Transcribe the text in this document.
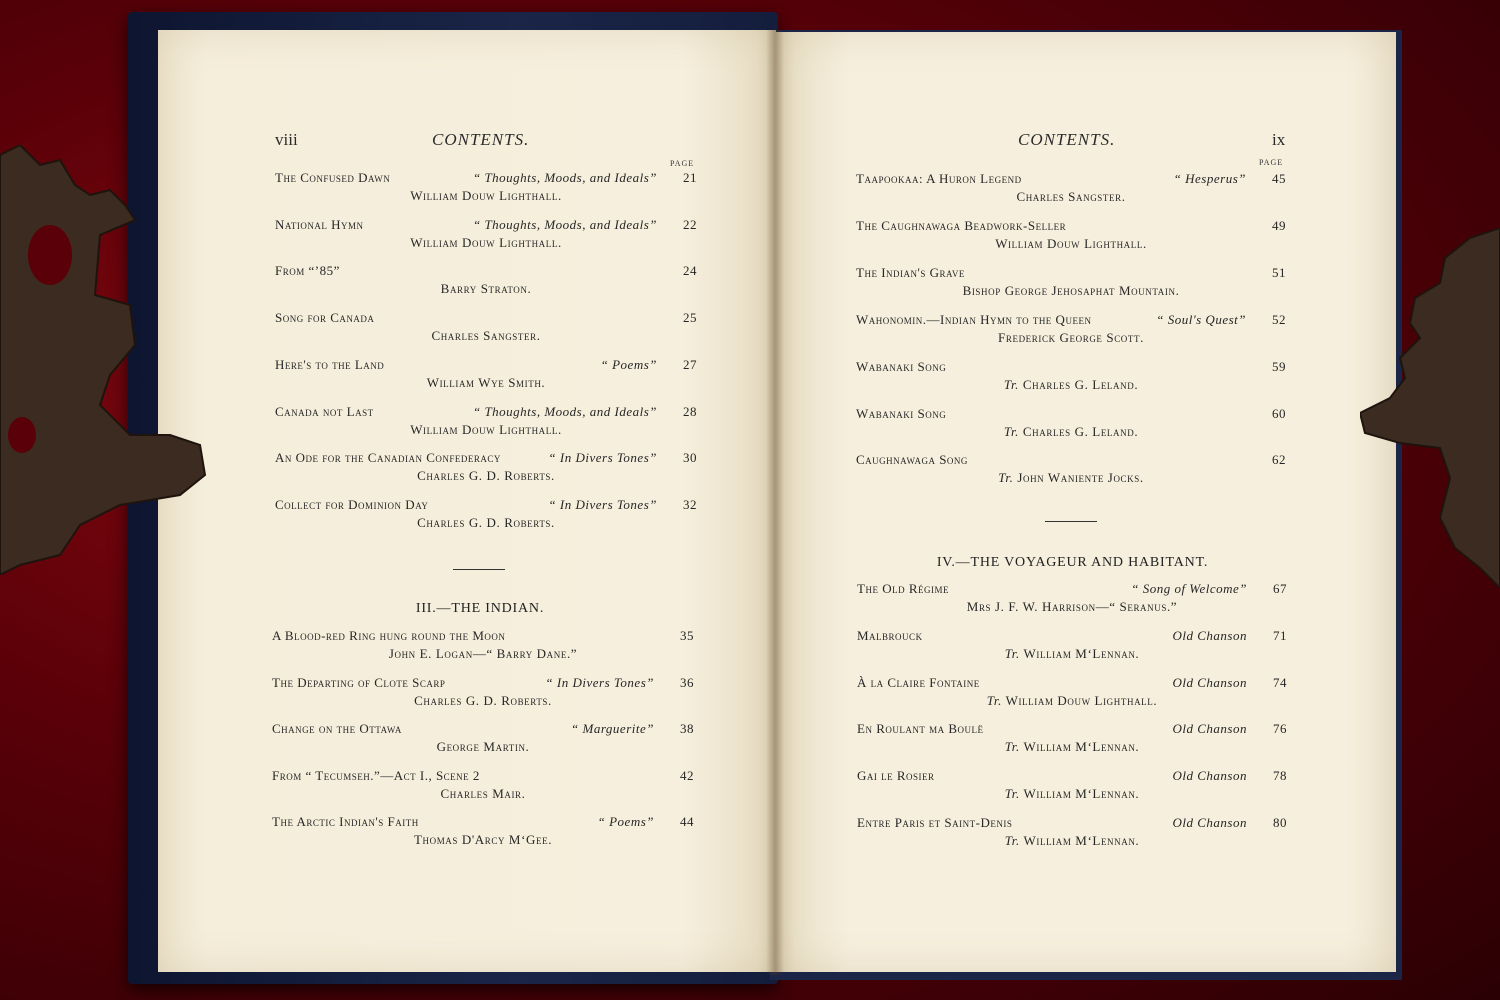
viii	CONTENTS.
PAGE
The Confused Dawn	“ Thoughts, Moods, and Ideals” 21
William Douw Lighthall.
National Hymn	“ Thoughts, Moods, and Ideals” 22
William Douw Lighthall.
From “’85”	24
Barry Straton.
Song for Canada	25
Charles Sangster.
Here's to the Land	“ Poems” 27
William Wye Smith.
Canada not Last	“ Thoughts, Moods, and Ideals” 28
William Douw Lighthall.
An Ode for the Canadian Confederacy	“ In Divers Tones” 30
Charles G. D. Roberts.
Collect for Dominion Day	“ In Divers Tones” 32
Charles G. D. Roberts.
III.—THE INDIAN.
A Blood-red Ring hung round the Moon	35
John E. Logan—“ Barry Dane.”
The Departing of Clote Scarp	“ In Divers Tones” 36
Charles G. D. Roberts.
Change on the Ottawa	“ Marguerite” 38
George Martin.
From “ Tecumseh.”—Act I., Scene 2	42
Charles Mair.
The Arctic Indian's Faith	“ Poems” 44
Thomas D'Arcy M‘Gee.
CONTENTS.	ix
PAGE
Taapookaa: A Huron Legend	“ Hesperus” 45
Charles Sangster.
The Caughnawaga Beadwork-Seller	49
William Douw Lighthall.
The Indian's Grave	51
Bishop George Jehosaphat Mountain.
Wahonomin.—Indian Hymn to the Queen	“ Soul's Quest” 52
Frederick George Scott.
Wabanaki Song	59
Tr. Charles G. Leland.
Wabanaki Song	60
Tr. Charles G. Leland.
Caughnawaga Song	62
Tr. John Waniente Jocks.
IV.—THE VOYAGEUR AND HABITANT.
The Old Régime	“ Song of Welcome” 67
Mrs J. F. W. Harrison—“ Seranus.”
Malbrouck	Old Chanson 71
Tr. William M‘Lennan.
À la Claire Fontaine	Old Chanson 74
Tr. William Douw Lighthall.
En Roulant ma Boulë	Old Chanson 76
Tr. William M‘Lennan.
Gai le Rosier	Old Chanson 78
Tr. William M‘Lennan.
Entre Paris et Saint-Denis	Old Chanson 80
Tr. William M‘Lennan.
